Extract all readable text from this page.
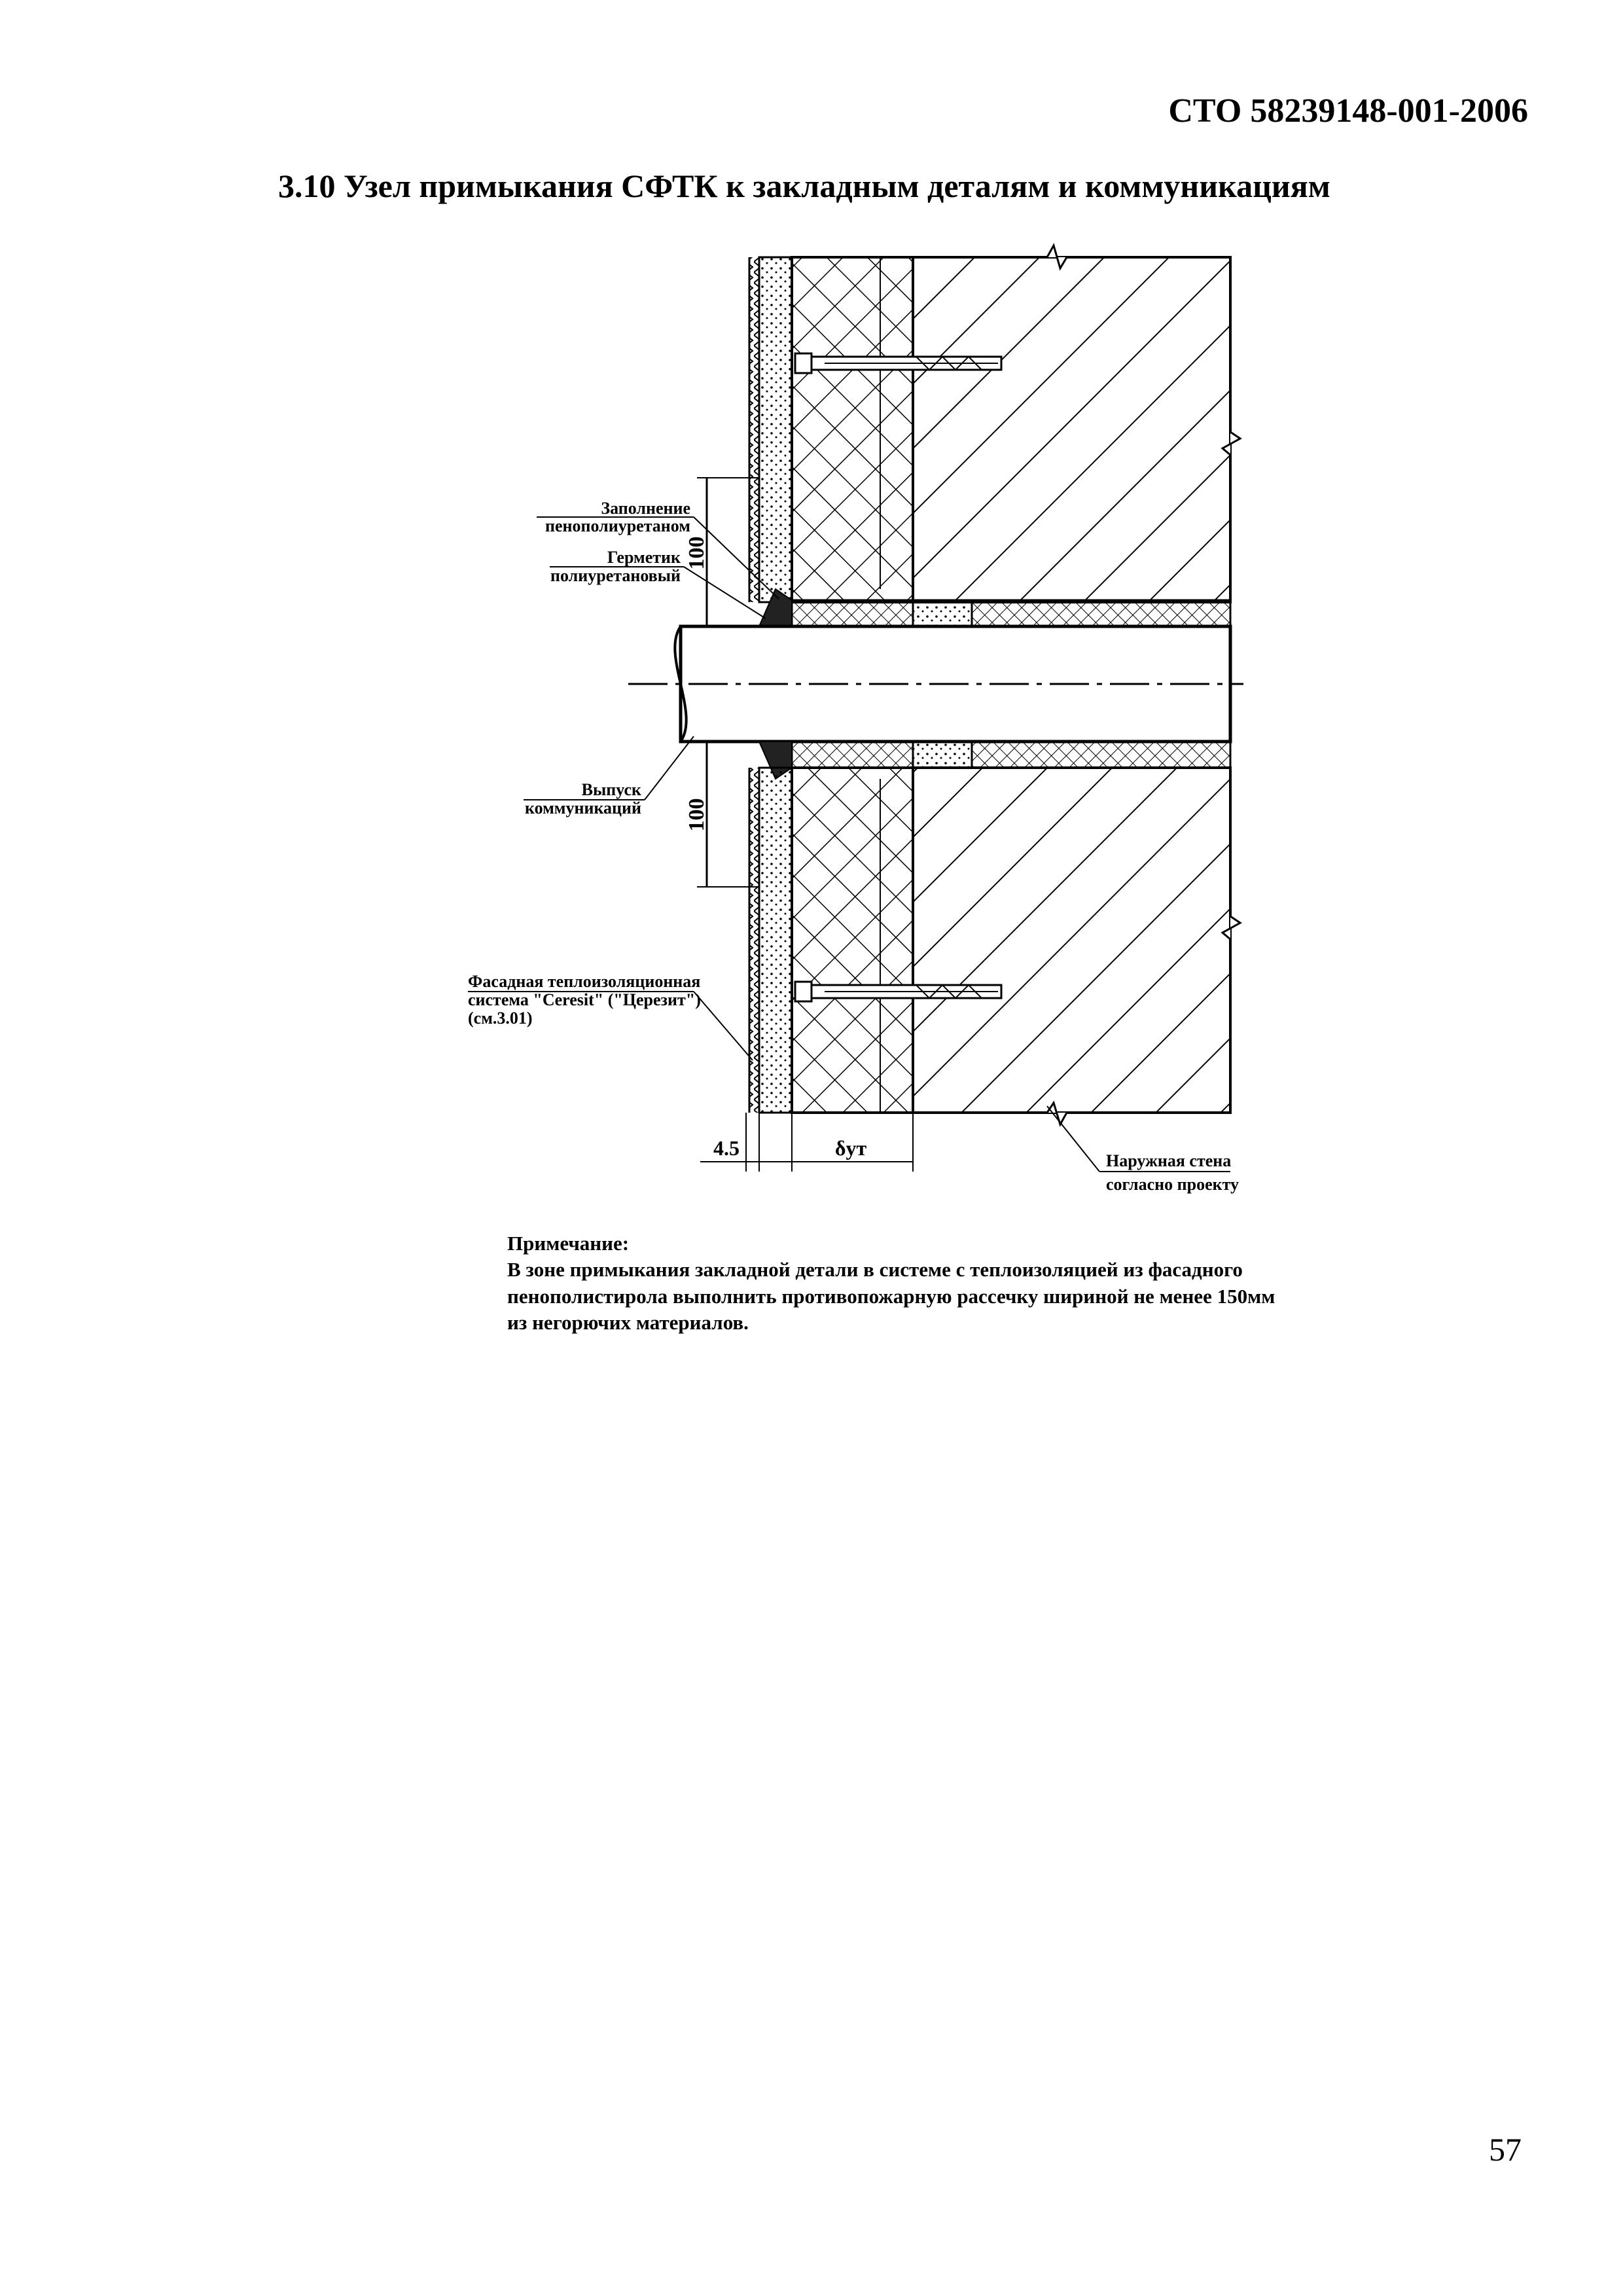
СТО 58239148-001-2006
3.10 Узел примыкания СФТК к закладным деталям и коммуникациям
100
100
4.5	δут
Заполнение
пенополиуретаном
Герметик
полиуретановый
Выпуск
коммуникаций
Фасадная теплоизоляционная
система "Ceresit" ("Церезит")
(см.3.01)
Наружная стена
согласно проекту
Примечание:
В зоне примыкания закладной детали в системе с теплоизоляцией из фасадного
пенополистирола выполнить противопожарную рассечку шириной не менее 150мм
из негорючих материалов.
57
